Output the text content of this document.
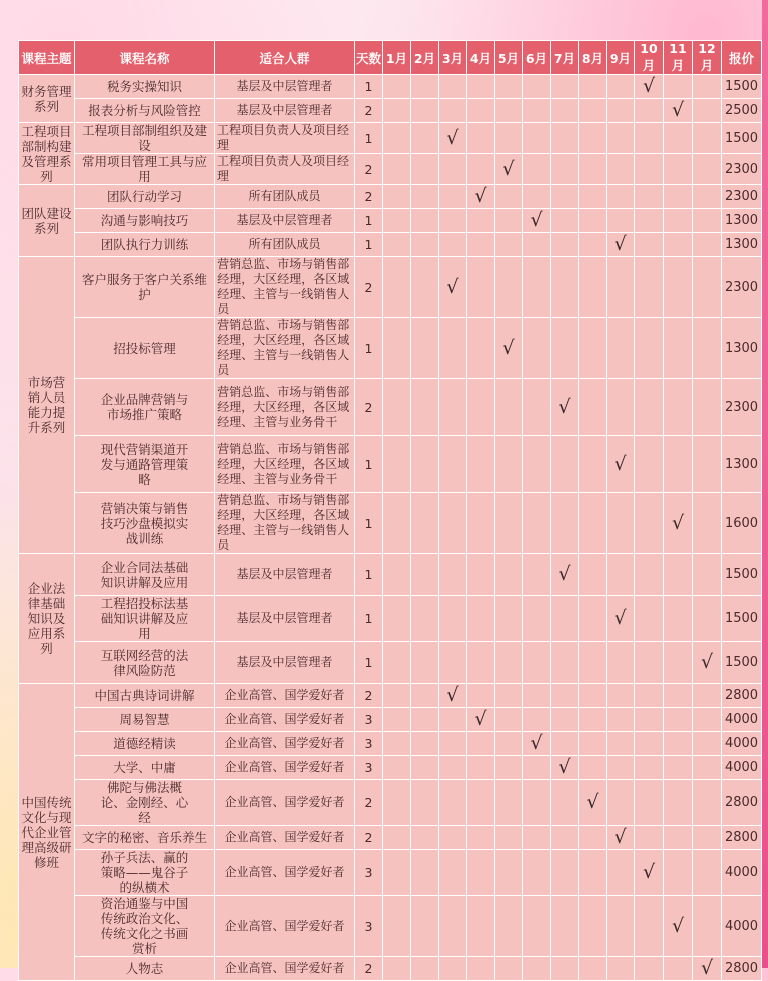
课程主题	课程名称	适合人群	天数	1月	2月	3月	4月	5月	6月	7月	8月	9月	10月	11月	12月	报价
财务管理系列	税务实操知识	基层及中层管理者	1										√			1500
	报表分析与风险管控	基层及中层管理者	2											√		2500
工程项目部制构建及管理系列	工程项目部制组织及建设	工程项目负责人及项目经理	1			√										1500
	常用项目管理工具与应用	工程项目负责人及项目经理	2					√								2300
团队建设系列	团队行动学习	所有团队成员	2				√									2300
	沟通与影响技巧	基层及中层管理者	1						√							1300
	团队执行力训练	所有团队成员	1									√				1300
市场营销人员能力提升系列	客户服务于客户关系维护	营销总监、市场与销售部经理，大区经理，各区域经理、主管与一线销售人员	2			√										2300
	招投标管理	营销总监、市场与销售部经理，大区经理，各区域经理、主管与一线销售人员	1					√								1300
	企业品牌营销与市场推广策略	营销总监、市场与销售部经理，大区经理，各区域经理、主管与业务骨干	2							√						2300
	现代营销渠道开发与通路管理策略	营销总监、市场与销售部经理，大区经理，各区域经理、主管与业务骨干	1									√				1300
	营销决策与销售技巧沙盘模拟实战训练	营销总监、市场与销售部经理，大区经理，各区域经理、主管与一线销售人员	1											√		1600
企业法律基础知识及应用系列	企业合同法基础知识讲解及应用	基层及中层管理者	1							√						1500
	工程招投标法基础知识讲解及应用	基层及中层管理者	1									√				1500
	互联网经营的法律风险防范	基层及中层管理者	1												√	1500
中国传统文化与现代企业管理高级研修班	中国古典诗词讲解	企业高管、国学爱好者	2			√										2800
	周易智慧	企业高管、国学爱好者	3				√									4000
	道德经精读	企业高管、国学爱好者	3						√							4000
	大学、中庸	企业高管、国学爱好者	3							√						4000
	佛陀与佛法概论、金刚经、心经	企业高管、国学爱好者	2								√					2800
	文字的秘密、音乐养生	企业高管、国学爱好者	2									√				2800
	孙子兵法、赢的策略——鬼谷子的纵横术	企业高管、国学爱好者	3										√			4000
	资治通鉴与中国传统政治文化、传统文化之书画赏析	企业高管、国学爱好者	3											√		4000
	人物志	企业高管、国学爱好者	2												√	2800
